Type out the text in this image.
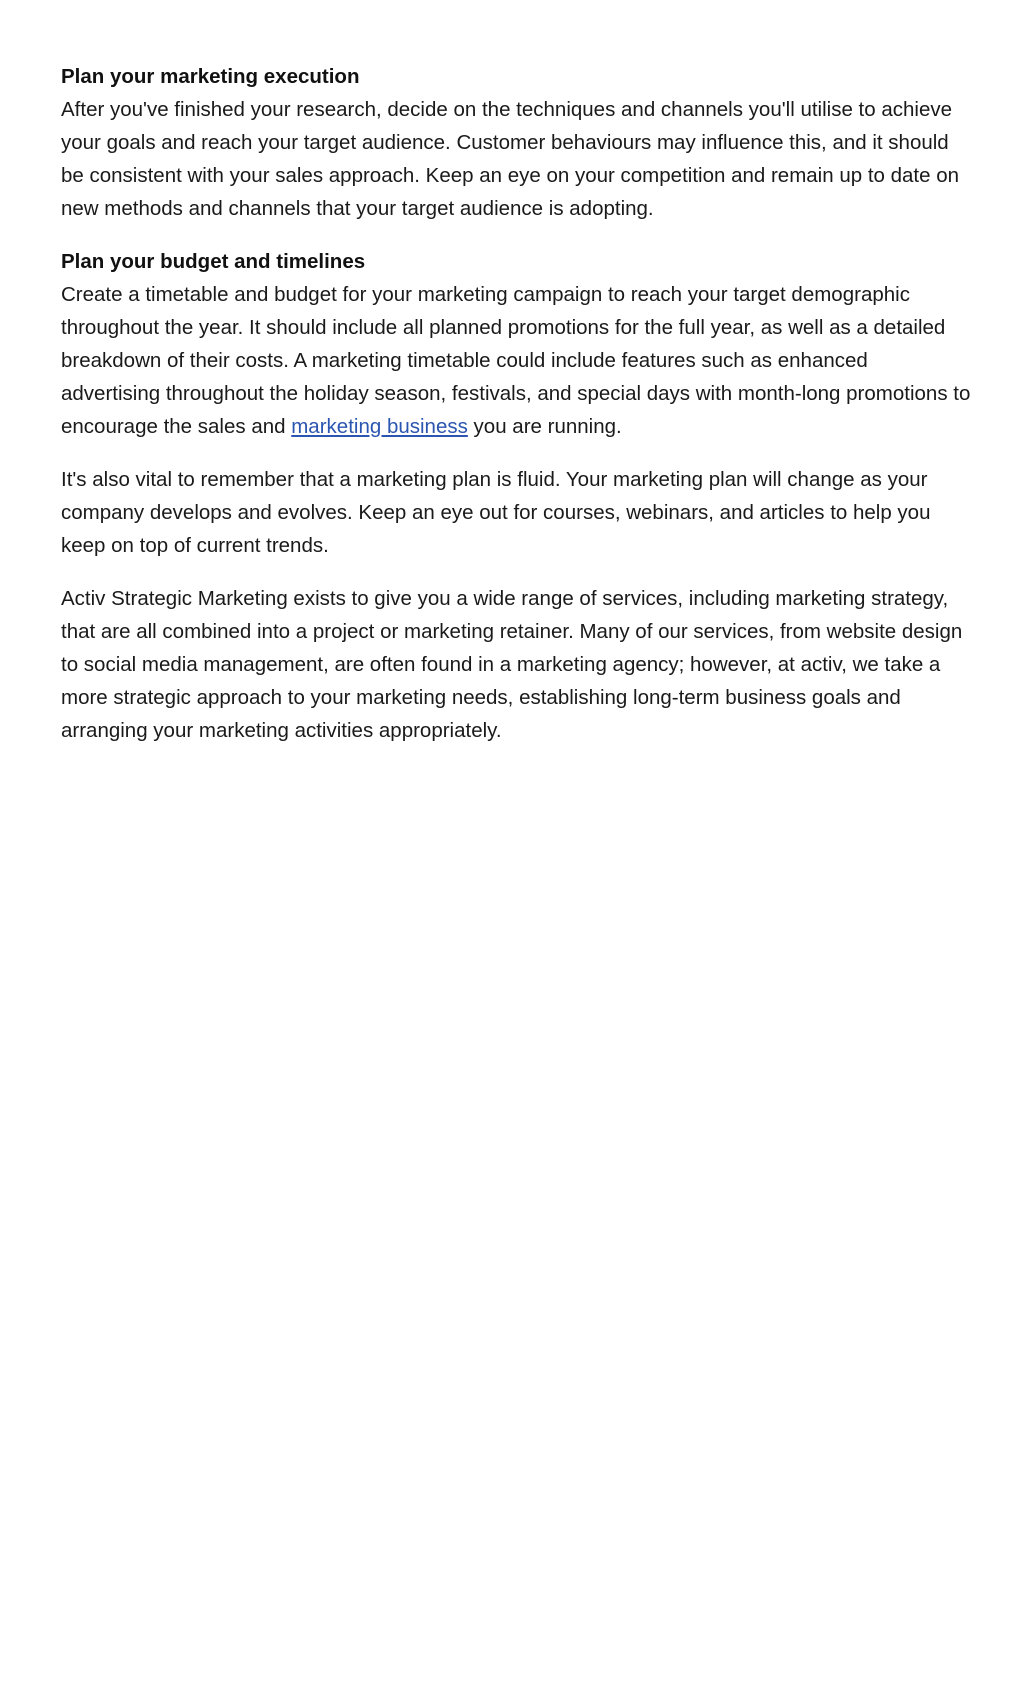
Plan your marketing execution

After you've finished your research, decide on the techniques and channels you'll utilise to achieve your goals and reach your target audience. Customer behaviours may influence this, and it should be consistent with your sales approach. Keep an eye on your competition and remain up to date on new methods and channels that your target audience is adopting.

Plan your budget and timelines

Create a timetable and budget for your marketing campaign to reach your target demographic throughout the year. It should include all planned promotions for the full year, as well as a detailed breakdown of their costs. A marketing timetable could include features such as enhanced advertising throughout the holiday season, festivals, and special days with month-long promotions to encourage the sales and marketing business you are running.

It's also vital to remember that a marketing plan is fluid. Your marketing plan will change as your company develops and evolves. Keep an eye out for courses, webinars, and articles to help you keep on top of current trends.

Activ Strategic Marketing exists to give you a wide range of services, including marketing strategy, that are all combined into a project or marketing retainer. Many of our services, from website design to social media management, are often found in a marketing agency; however, at activ, we take a more strategic approach to your marketing needs, establishing long-term business goals and arranging your marketing activities appropriately.
